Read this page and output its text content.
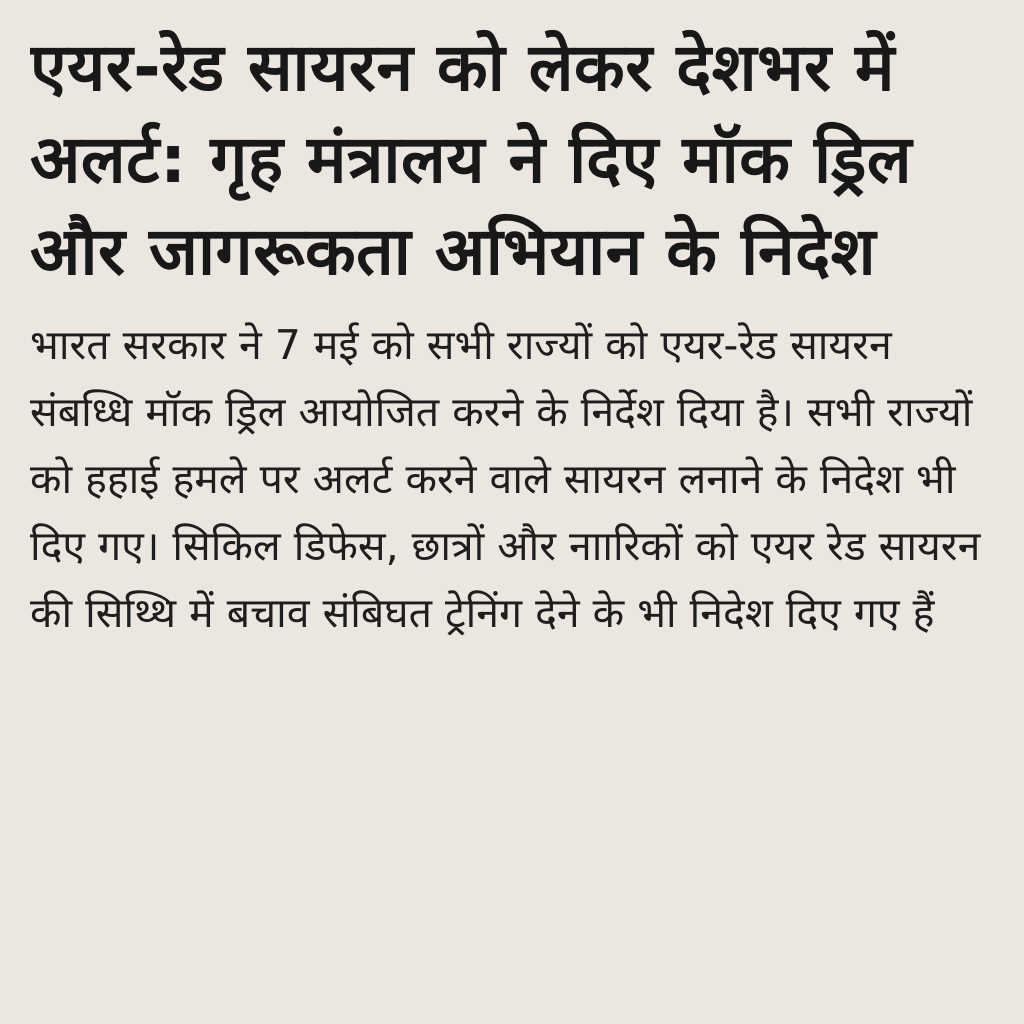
एयर-रेड सायरन को लेकर देशभर में अलर्ट: गृह मंत्रालय ने दिए मॉक ड्रिल और जागरूकता अभियान के निदेश

भारत सरकार ने 7 मई को सभी राज्यों को एयर-रेड सायरन संबध्धि मॉक ड्रिल आयोजित करने के निर्देश दिया है। सभी राज्यों को हहाई हमले पर अलर्ट करने वाले सायरन लनाने के निदेश भी दिए गए। सिकिल डिफेस, छात्रों और नाारिकों को एयर रेड सायरन की सिथ्थि में बचाव संबिघत ट्रेनिंग देने के भी निदेश दिए गए हैं
